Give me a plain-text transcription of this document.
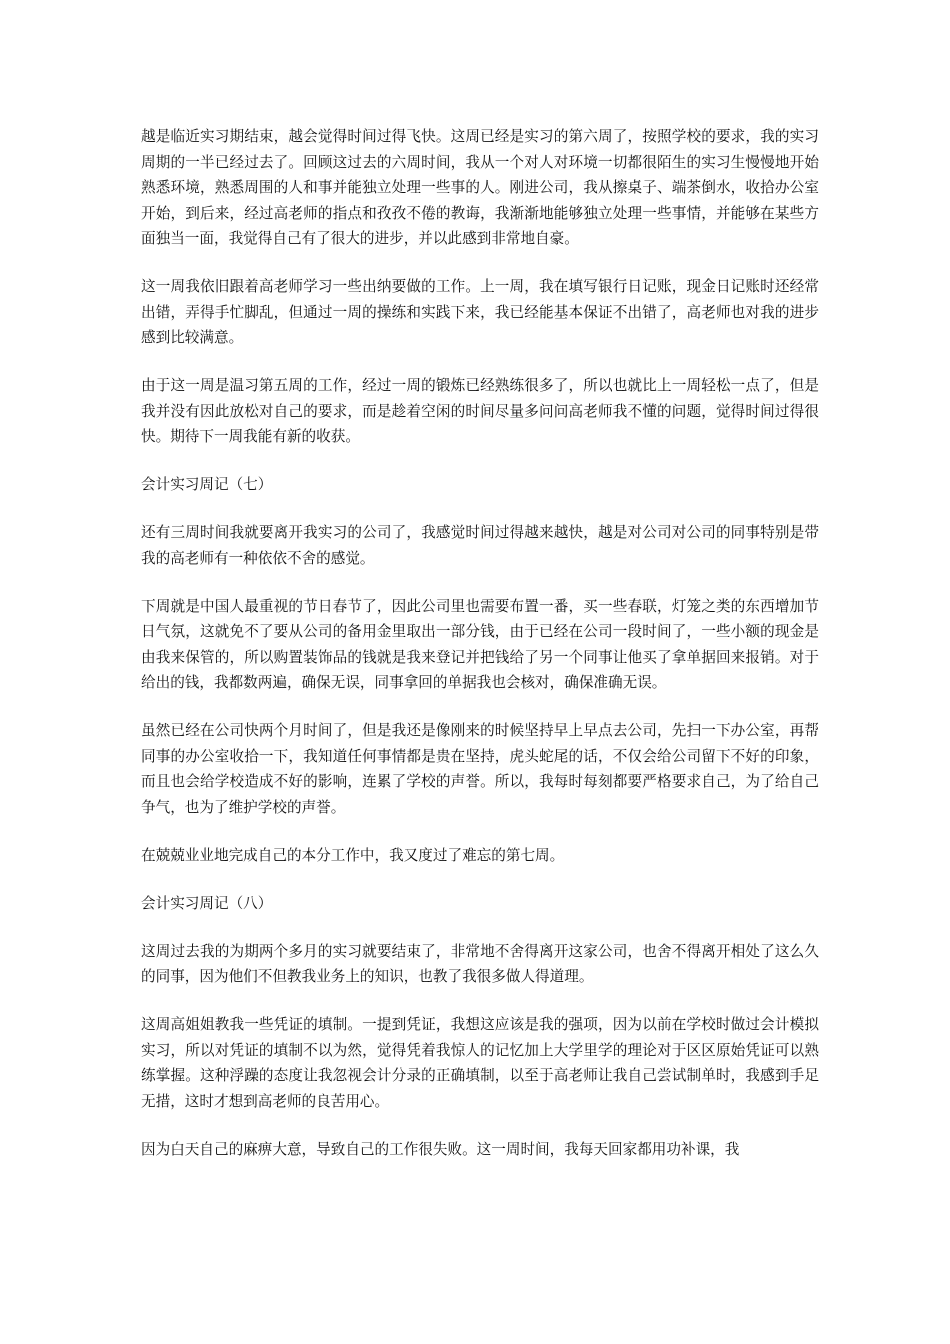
越是临近实习期结束，越会觉得时间过得飞快。这周已经是实习的第六周了，按照学校的要求，我的实习周期的一半已经过去了。回顾这过去的六周时间，我从一个对人对环境一切都很陌生的实习生慢慢地开始熟悉环境，熟悉周围的人和事并能独立处理一些事的人。刚进公司，我从擦桌子、端茶倒水，收拾办公室开始，到后来，经过高老师的指点和孜孜不倦的教诲，我渐渐地能够独立处理一些事情，并能够在某些方面独当一面，我觉得自己有了很大的进步，并以此感到非常地自豪。

这一周我依旧跟着高老师学习一些出纳要做的工作。上一周，我在填写银行日记账，现金日记账时还经常出错，弄得手忙脚乱，但通过一周的操练和实践下来，我已经能基本保证不出错了，高老师也对我的进步感到比较满意。

由于这一周是温习第五周的工作，经过一周的锻炼已经熟练很多了，所以也就比上一周轻松一点了，但是我并没有因此放松对自己的要求，而是趁着空闲的时间尽量多问问高老师我不懂的问题，觉得时间过得很快。期待下一周我能有新的收获。

会计实习周记（七）

还有三周时间我就要离开我实习的公司了，我感觉时间过得越来越快，越是对公司对公司的同事特别是带我的高老师有一种依依不舍的感觉。

下周就是中国人最重视的节日春节了，因此公司里也需要布置一番，买一些春联，灯笼之类的东西增加节日气氛，这就免不了要从公司的备用金里取出一部分钱，由于已经在公司一段时间了，一些小额的现金是由我来保管的，所以购置装饰品的钱就是我来登记并把钱给了另一个同事让他买了拿单据回来报销。对于给出的钱，我都数两遍，确保无误，同事拿回的单据我也会核对，确保准确无误。

虽然已经在公司快两个月时间了，但是我还是像刚来的时候坚持早上早点去公司，先扫一下办公室，再帮同事的办公室收拾一下，我知道任何事情都是贵在坚持，虎头蛇尾的话，不仅会给公司留下不好的印象，而且也会给学校造成不好的影响，连累了学校的声誉。所以，我每时每刻都要严格要求自己，为了给自己争气，也为了维护学校的声誉。

在兢兢业业地完成自己的本分工作中，我又度过了难忘的第七周。

会计实习周记（八）

这周过去我的为期两个多月的实习就要结束了，非常地不舍得离开这家公司，也舍不得离开相处了这么久的同事，因为他们不但教我业务上的知识，也教了我很多做人得道理。

这周高姐姐教我一些凭证的填制。一提到凭证，我想这应该是我的强项，因为以前在学校时做过会计模拟实习，所以对凭证的填制不以为然，觉得凭着我惊人的记忆加上大学里学的理论对于区区原始凭证可以熟练掌握。这种浮躁的态度让我忽视会计分录的正确填制，以至于高老师让我自己尝试制单时，我感到手足无措，这时才想到高老师的良苦用心。

因为白天自己的麻痹大意，导致自己的工作很失败。这一周时间，我每天回家都用功补课，我
